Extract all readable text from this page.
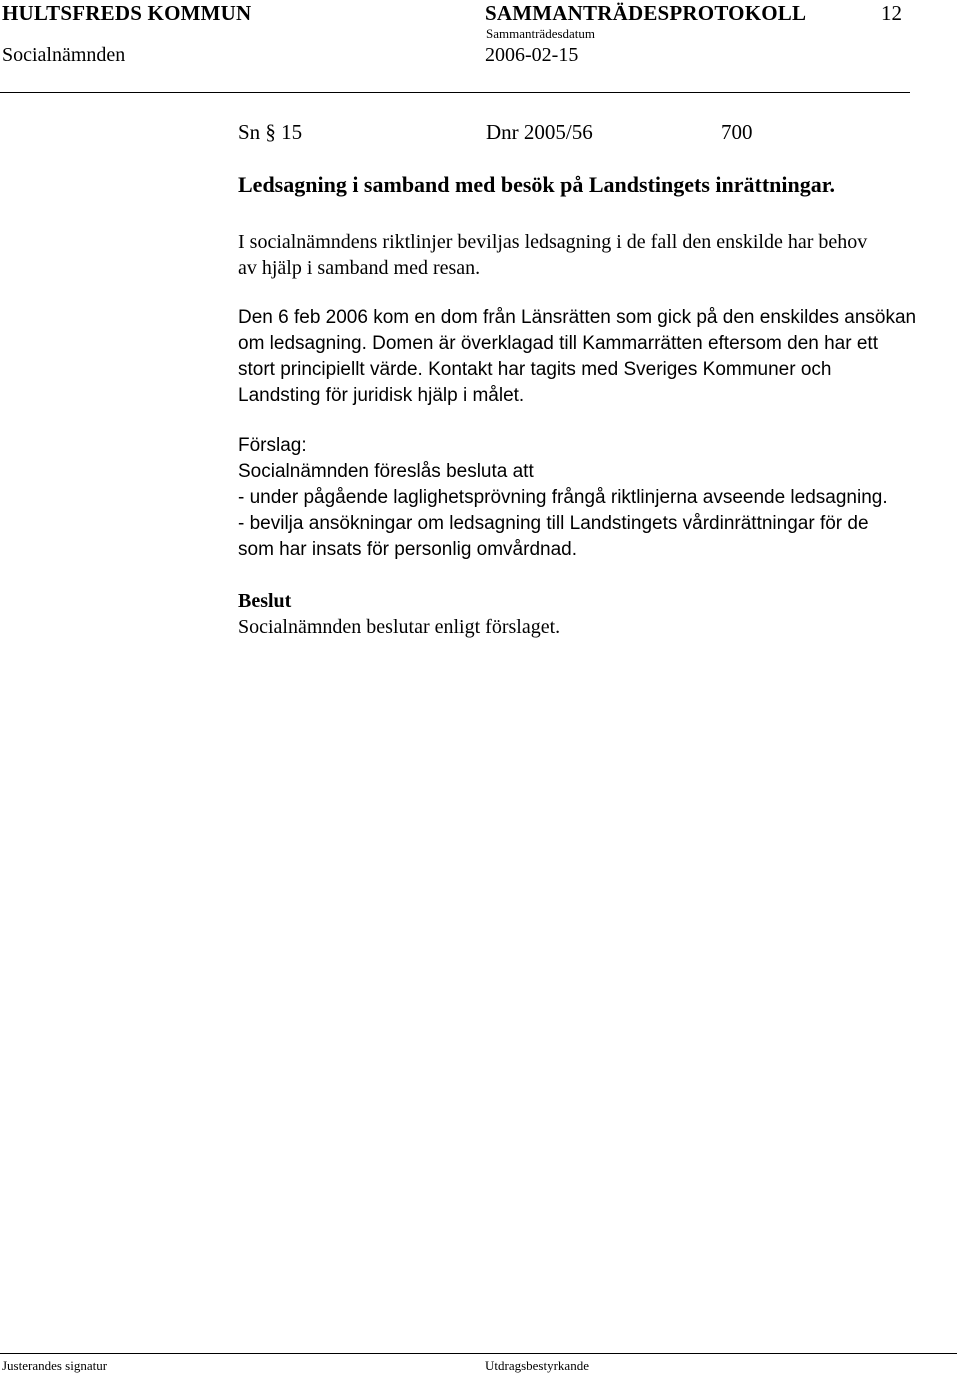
HULTSFREDS KOMMUN	SAMMANTRÄDESPROTOKOLL	12
Socialnämnden
Sammanträdesdatum
2006-02-15
Sn § 15	Dnr 2005/56	700
Ledsagning i samband med besök på Landstingets inrättningar.
I socialnämndens riktlinjer beviljas ledsagning i de fall den enskilde har behov
av hjälp i samband med resan.
Den 6 feb 2006 kom en dom från Länsrätten som gick på den enskildes ansökan
om ledsagning. Domen är överklagad till Kammarrätten eftersom den har ett
stort principiellt värde. Kontakt har tagits med Sveriges Kommuner och
Landsting för juridisk hjälp i målet.
Förslag:
Socialnämnden föreslås besluta att
- under pågående laglighetsprövning frångå riktlinjerna avseende ledsagning.
- bevilja ansökningar om ledsagning till Landstingets vårdinrättningar för de
som har insats för personlig omvårdnad.
Beslut
Socialnämnden beslutar enligt förslaget.
Justerandes signatur	Utdragsbestyrkande
